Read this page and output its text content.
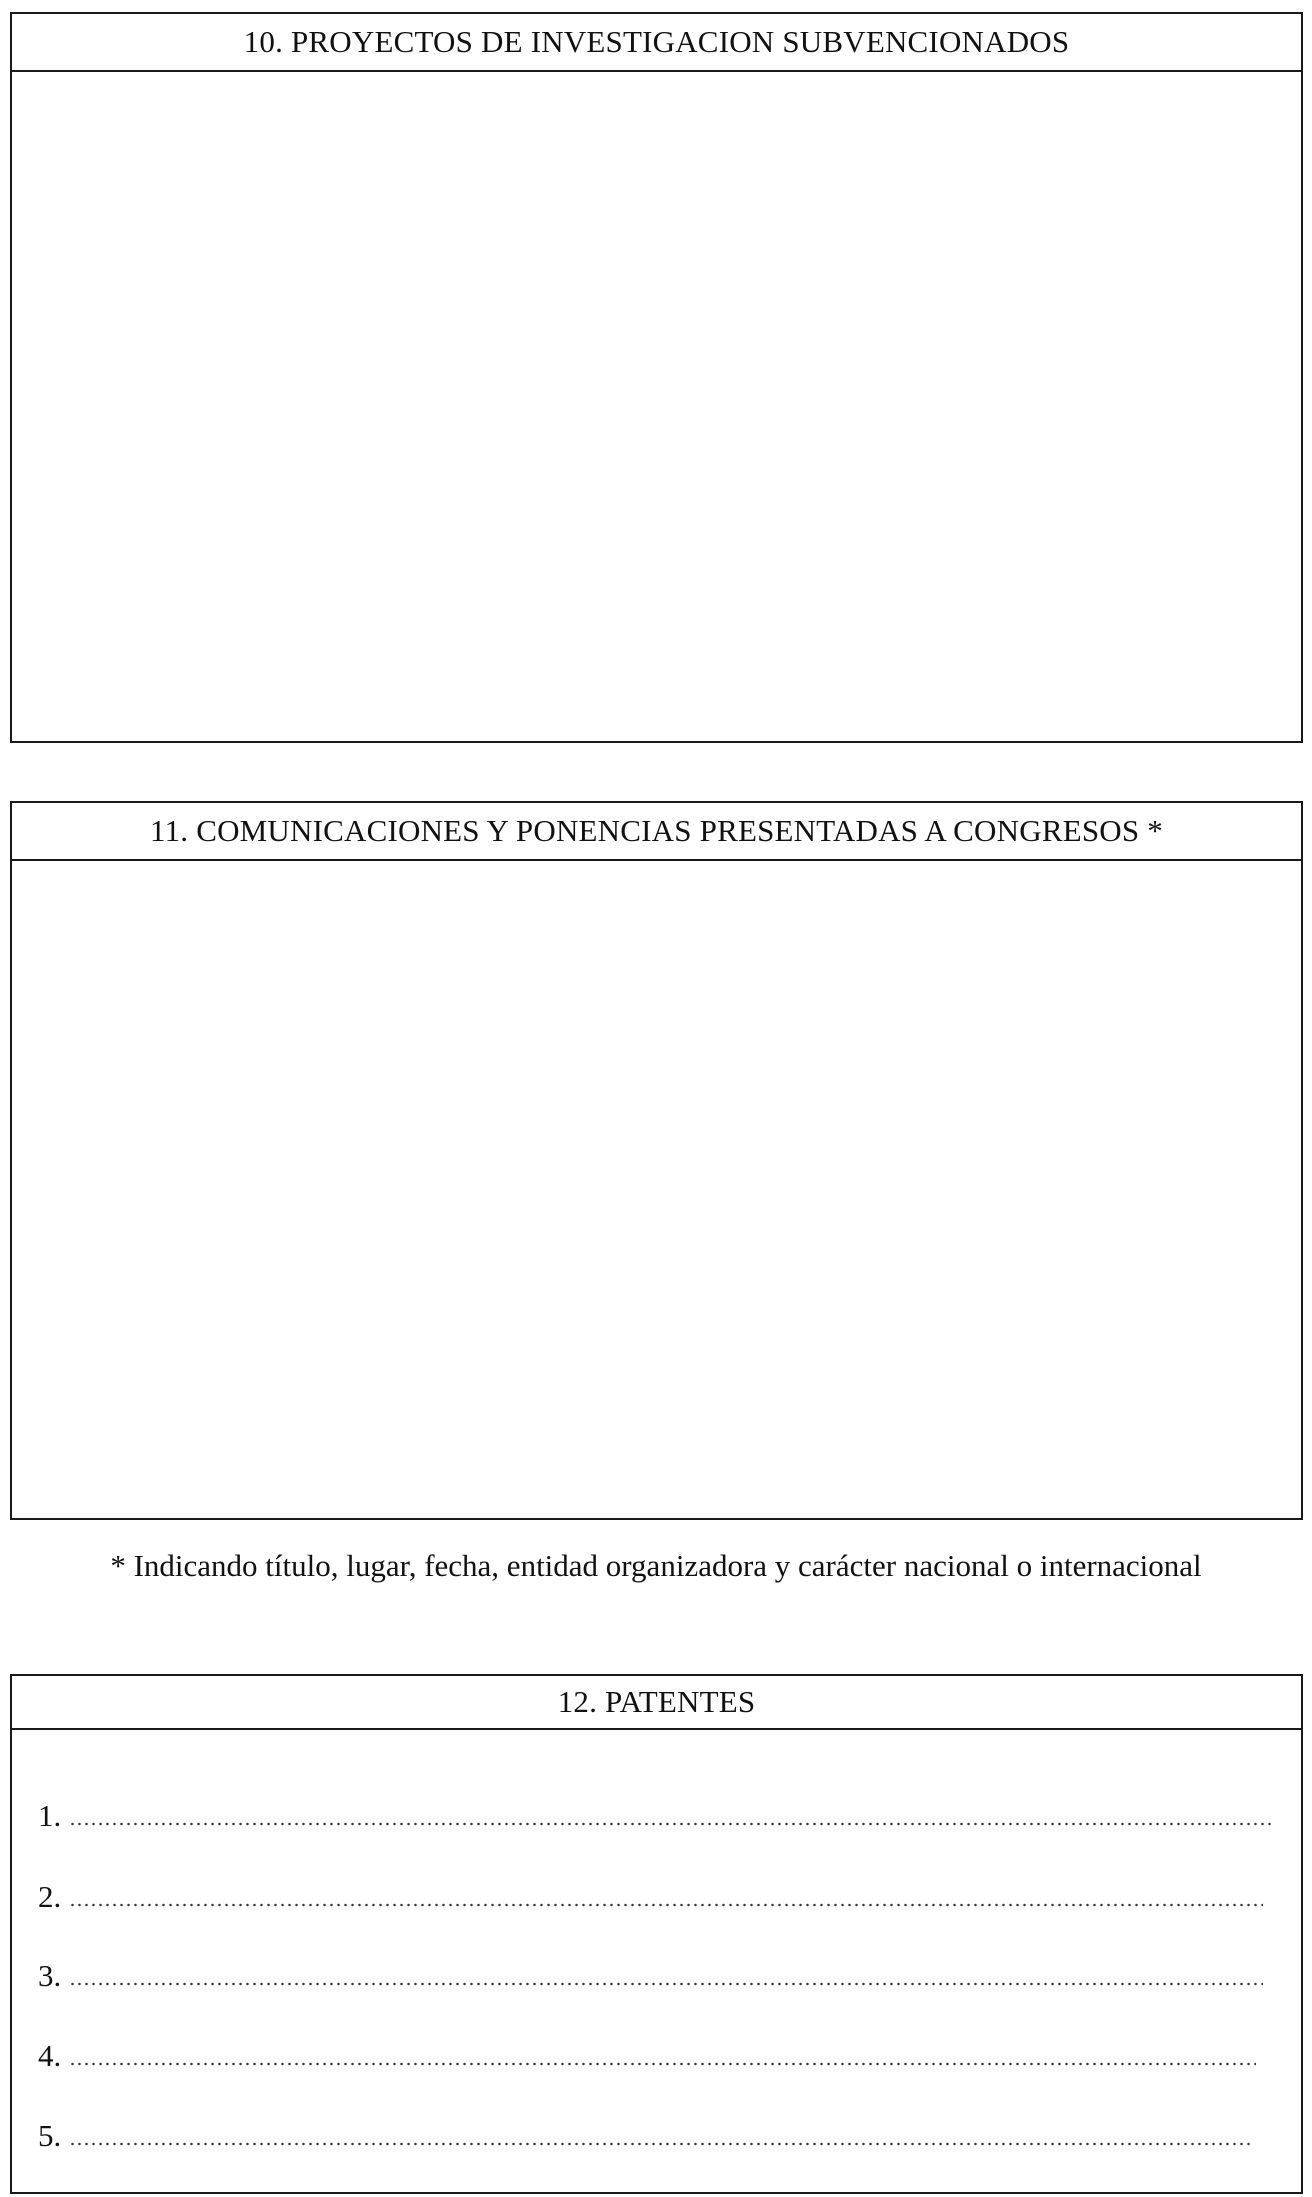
10. PROYECTOS DE INVESTIGACION SUBVENCIONADOS
11. COMUNICACIONES Y PONENCIAS PRESENTADAS A CONGRESOS *
* Indicando título, lugar, fecha, entidad organizadora y carácter nacional o internacional
12. PATENTES
1.
2.
3.
4.
5.
